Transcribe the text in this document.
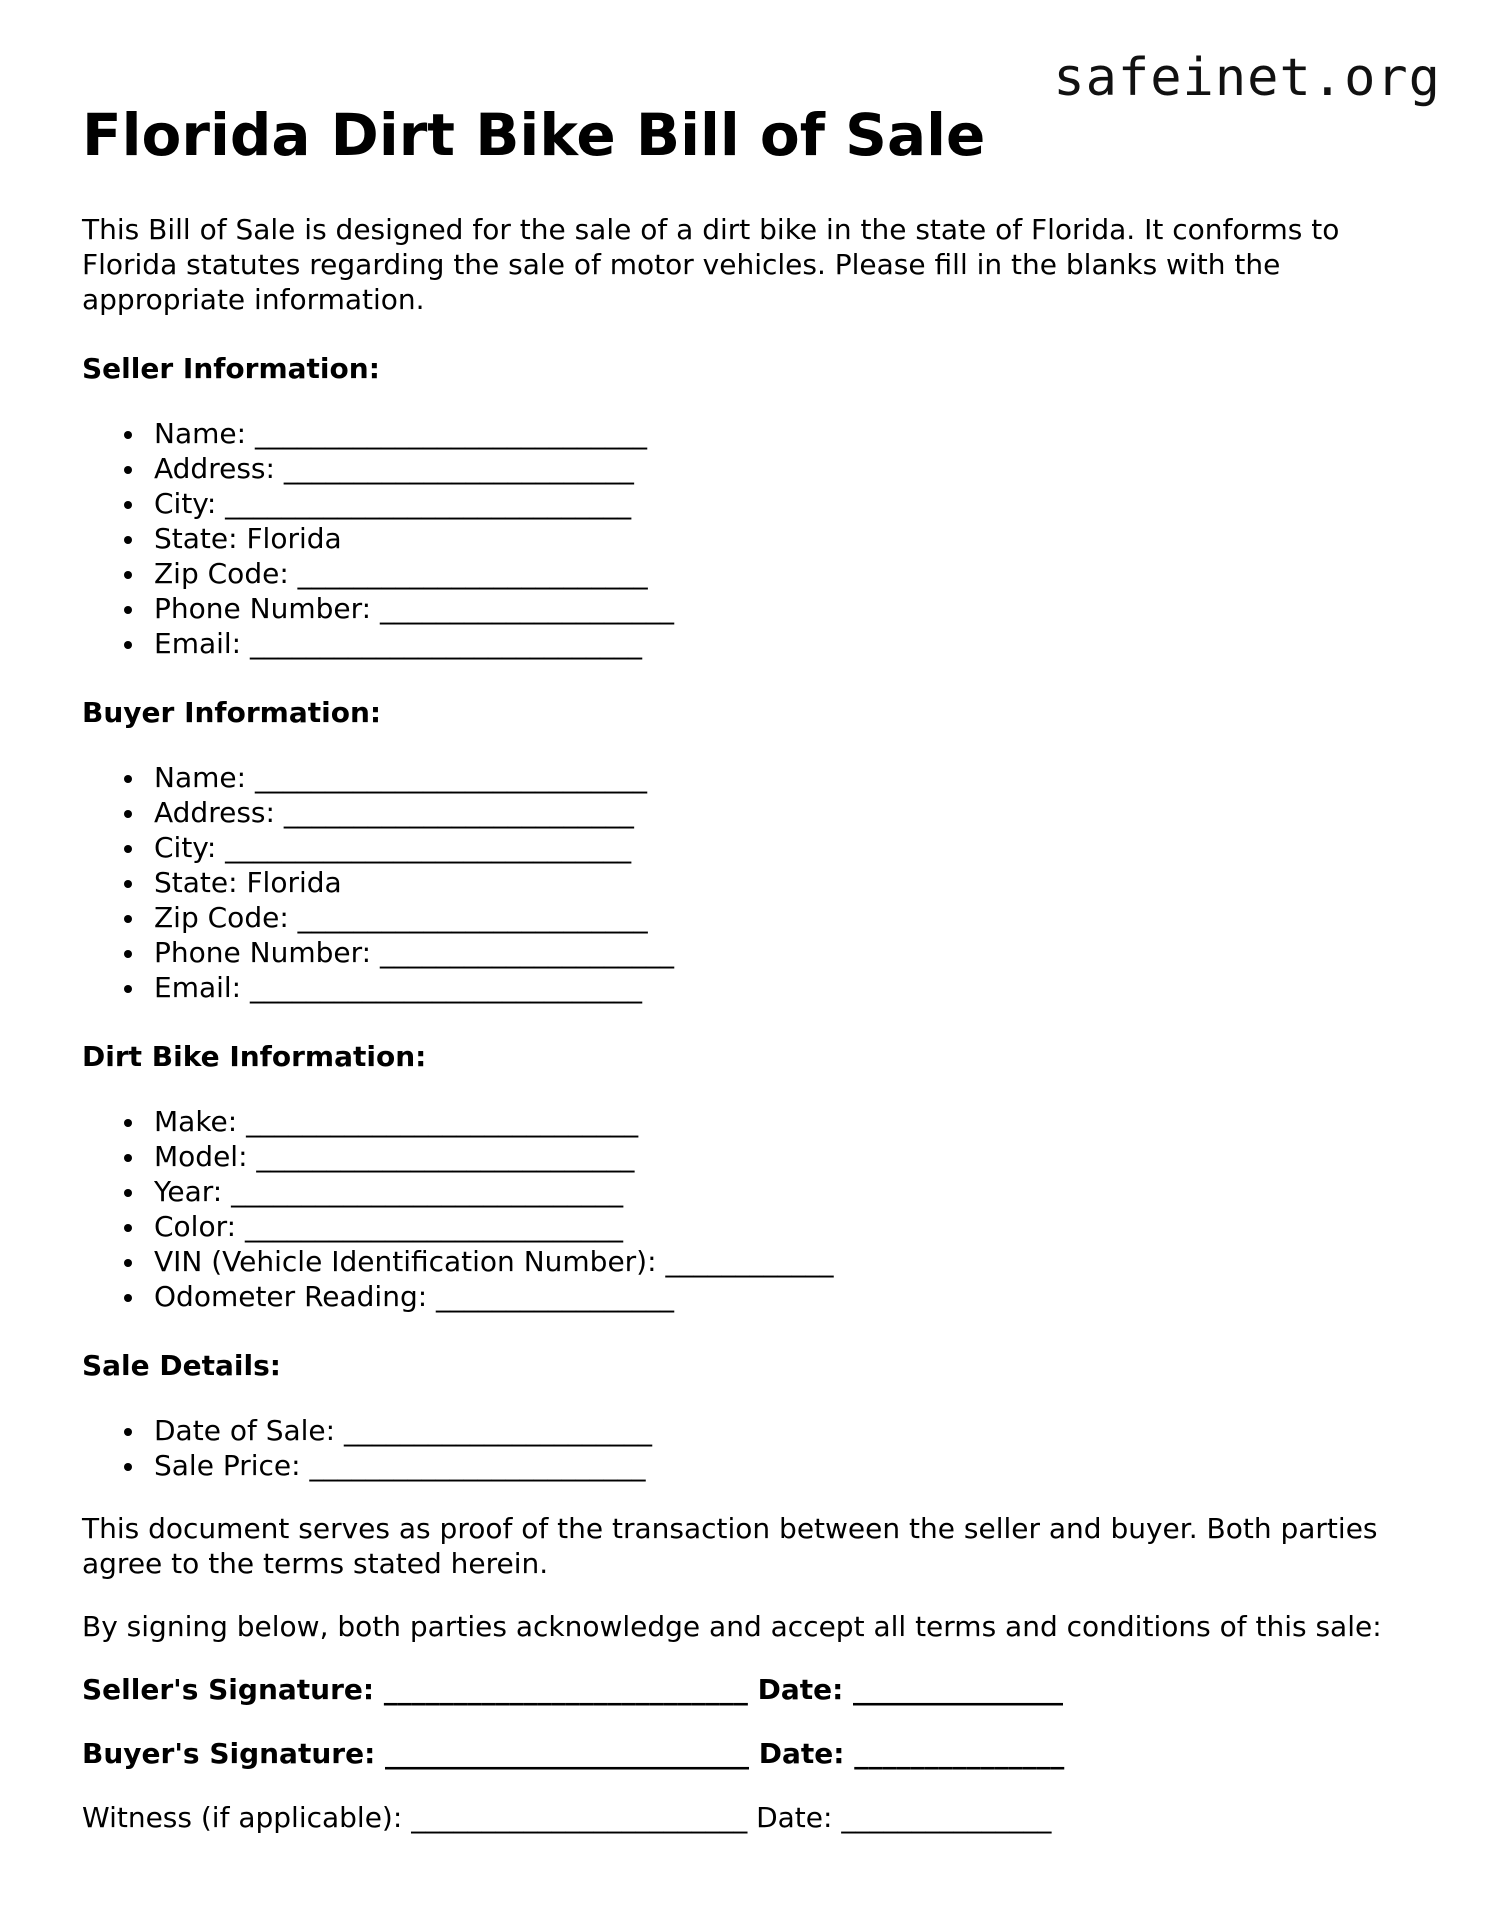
safeinet.org
Florida Dirt Bike Bill of Sale

This Bill of Sale is designed for the sale of a dirt bike in the state of Florida. It conforms to Florida statutes regarding the sale of motor vehicles. Please fill in the blanks with the appropriate information.

Seller Information:
Name: ____________________________
Address: _________________________
City: _____________________________
State: Florida
Zip Code: _________________________
Phone Number: _____________________
Email: ____________________________
Buyer Information:
Name: ____________________________
Address: _________________________
City: _____________________________
State: Florida
Zip Code: _________________________
Phone Number: _____________________
Email: ____________________________
Dirt Bike Information:
Make: ____________________________
Model: ___________________________
Year: ____________________________
Color: ___________________________
VIN (Vehicle Identification Number): ____________
Odometer Reading: _________________
Sale Details:
Date of Sale: ______________________
Sale Price: ________________________

This document serves as proof of the transaction between the seller and buyer. Both parties agree to the terms stated herein.

By signing below, both parties acknowledge and accept all terms and conditions of this sale:

Seller's Signature: __________________________ Date: _______________
Buyer's Signature: __________________________ Date: _______________
Witness (if applicable): ________________________ Date: _______________
